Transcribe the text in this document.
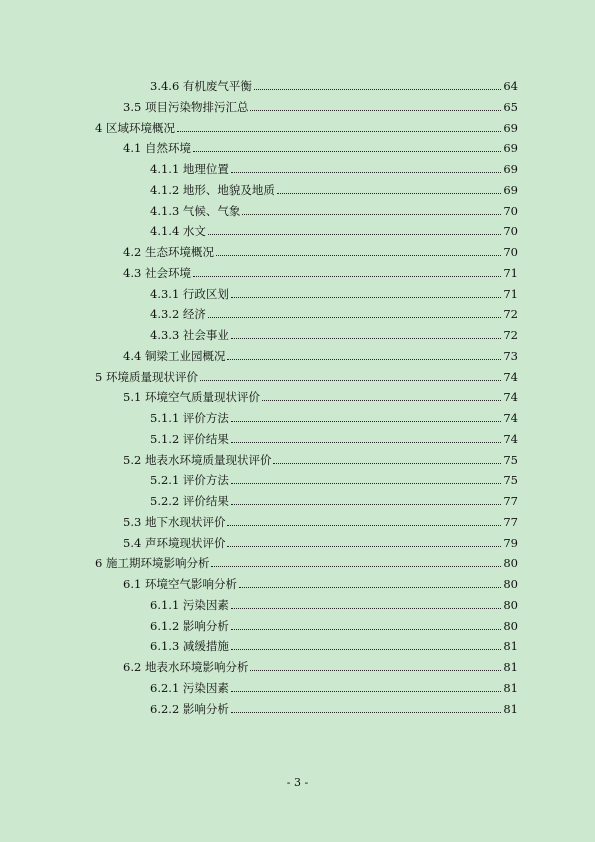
3.4.6 有机废气平衡	64
3.5 项目污染物排污汇总	65
4 区域环境概况	69
4.1 自然环境	69
4.1.1 地理位置	69
4.1.2 地形、地貌及地质	69
4.1.3 气候、气象	70
4.1.4 水文	70
4.2 生态环境概况	70
4.3 社会环境	71
4.3.1 行政区划	71
4.3.2 经济	72
4.3.3 社会事业	72
4.4 铜梁工业园概况	73
5 环境质量现状评价	74
5.1 环境空气质量现状评价	74
5.1.1 评价方法	74
5.1.2 评价结果	74
5.2 地表水环境质量现状评价	75
5.2.1 评价方法	75
5.2.2 评价结果	77
5.3 地下水现状评价	77
5.4 声环境现状评价	79
6 施工期环境影响分析	80
6.1 环境空气影响分析	80
6.1.1 污染因素	80
6.1.2 影响分析	80
6.1.3 减缓措施	81
6.2 地表水环境影响分析	81
6.2.1 污染因素	81
6.2.2 影响分析	81
- 3 -
